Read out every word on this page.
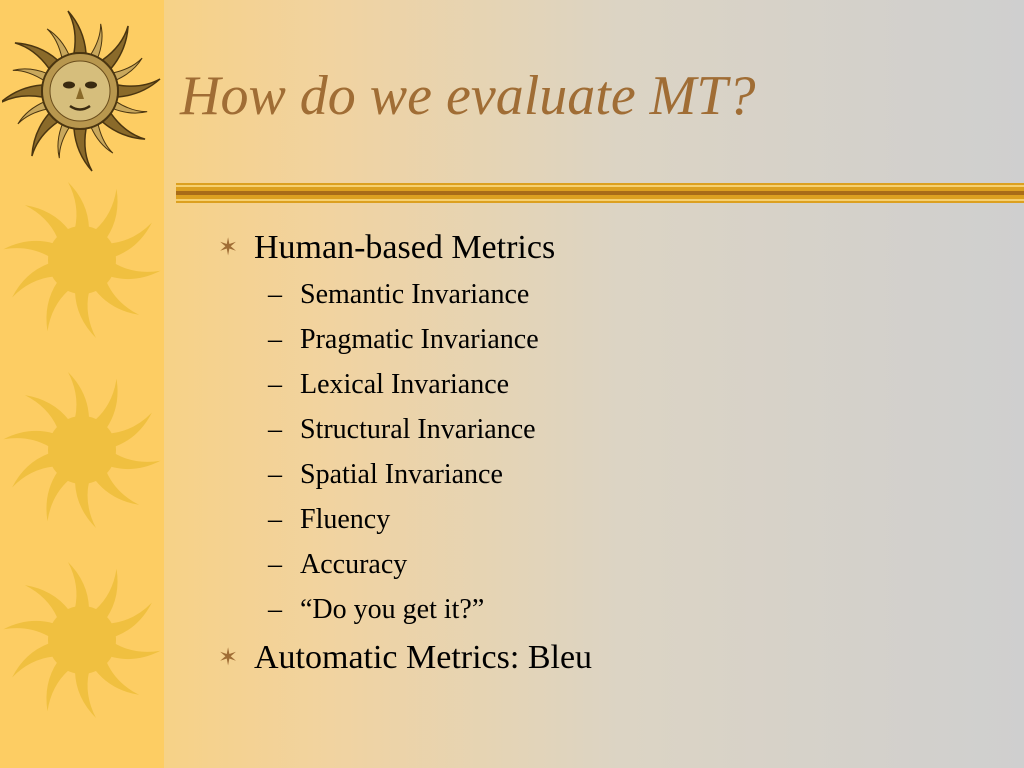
How do we evaluate MT?
✶ Human-based Metrics
– Semantic Invariance
– Pragmatic Invariance
– Lexical Invariance
– Structural Invariance
– Spatial Invariance
– Fluency
– Accuracy
– “Do you get it?”
✶ Automatic Metrics: Bleu
